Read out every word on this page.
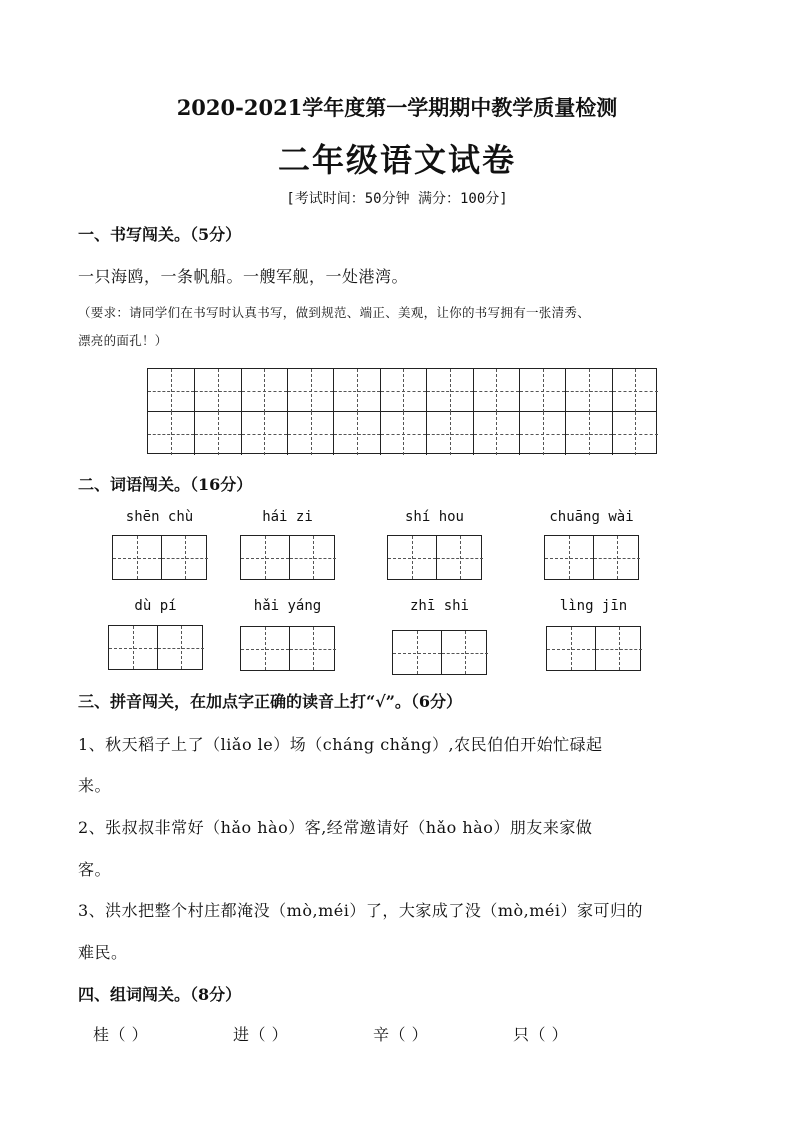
2020-2021学年度第一学期期中教学质量检测
二年级语文试卷
[考试时间：50分钟 满分：100分]
一、书写闯关。（5分）
一只海鸥，一条帆船。一艘军舰，一处港湾。
（要求：请同学们在书写时认真书写，做到规范、端正、美观，让你的书写拥有一张清秀、
漂亮的面孔！）
二、词语闯关。（16分）
shēn chù	hái zi	shí hou	chuāng wài
dù pí	hǎi yáng	zhī shi	lìng jīn
三、拼音闯关，在加点字正确的读音上打“√”。（6分）
1、秋天稻子上了（liǎo le）场（cháng chǎng）,农民伯伯开始忙碌起
来。
2、张叔叔非常好（hǎo hào）客,经常邀请好（hǎo hào）朋友来家做
客。
3、洪水把整个村庄都淹没（mò,méi）了，大家成了没（mò,méi）家可归的
难民。
四、组词闯关。（8分）
桂（ ）	进（ ）	辛（ ）	只（ ）
